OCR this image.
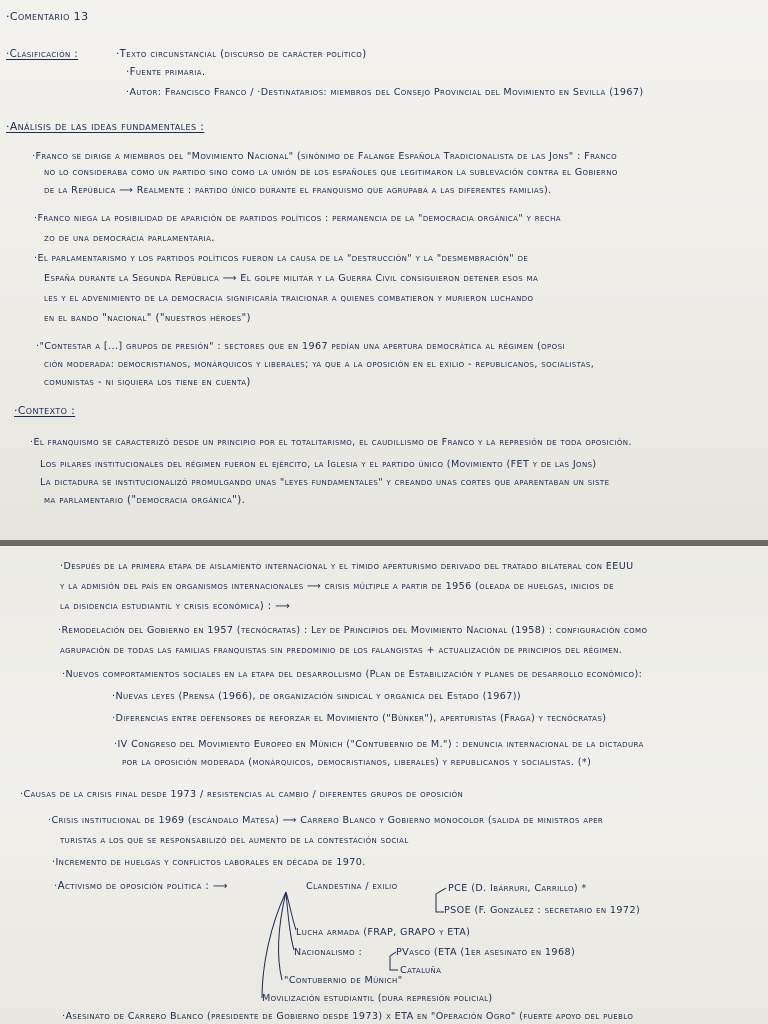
·Comentario 13
·Clasificación :	·Texto circunstancial (discurso de carácter político)
·Fuente primaria.
·Autor: Francisco Franco / ·Destinatarios: miembros del Consejo Provincial del Movimiento en Sevilla (1967)
·Análisis de las ideas fundamentales :
·Franco se dirige a miembros del "Movimiento Nacional" (sinónimo de Falange Española Tradicionalista de las Jons" : Franco
no lo consideraba como un partido sino como la unión de los españoles que legitimaron la sublevación contra el Gobierno
de la República ⟶ Realmente : partido único durante el franquismo que agrupaba a las diferentes familias).
·Franco niega la posibilidad de aparición de partidos políticos : permanencia de la "democracia orgánica" y recha
zo de una democracia parlamentaria.
·El parlamentarismo y los partidos políticos fueron la causa de la "destrucción" y la "desmembración" de
España durante la Segunda República ⟶ El golpe militar y la Guerra Civil consiguieron detener esos ma
les y el advenimiento de la democracia significaría traicionar a quienes combatieron y murieron luchando
en el bando "nacional" ("nuestros héroes")
·"Contestar a [...] grupos de presión" : sectores que en 1967 pedían una apertura democrática al régimen (oposi
ción moderada: democristianos, monárquicos y liberales; ya que a la oposición en el exilio - republicanos, socialistas,
comunistas - ni siquiera los tiene en cuenta)
·Contexto :
·El franquismo se caracterizó desde un principio por el totalitarismo, el caudillismo de Franco y la represión de toda oposición.
Los pilares institucionales del régimen fueron el ejército, la Iglesia y el partido único (Movimiento (FET y de las Jons)
La dictadura se institucionalizó promulgando unas "leyes fundamentales" y creando unas cortes que aparentaban un siste
ma parlamentario ("democracia orgánica").
·Después de la primera etapa de aislamiento internacional y el tímido aperturismo derivado del tratado bilateral con EEUU
y la admisión del país en organismos internacionales ⟶ crisis múltiple a partir de 1956 (oleada de huelgas, inicios de
la disidencia estudiantil y crisis económica) : ⟶
·Remodelación del Gobierno en 1957 (tecnócratas) : Ley de Principios del Movimiento Nacional (1958) : configuración como
agrupación de todas las familias franquistas sin predominio de los falangistas + actualización de principios del régimen.
·Nuevos comportamientos sociales en la etapa del desarrollismo (Plan de Estabilización y planes de desarrollo económico):
·Nuevas leyes (Prensa (1966), de organización sindical y orgánica del Estado (1967))
·Diferencias entre defensores de reforzar el Movimiento ("Búnker"), aperturistas (Fraga) y tecnócratas)
·IV Congreso del Movimiento Europeo en Múnich ("Contubernio de M.") : denuncia internacional de la dictadura
por la oposición moderada (monárquicos, democristianos, liberales) y republicanos y socialistas. (*)
·Causas de la crisis final desde 1973 / resistencias al cambio / diferentes grupos de oposición
·Crisis institucional de 1969 (escándalo Matesa) ⟶ Carrero Blanco y Gobierno monocolor (salida de ministros aper
turistas a los que se responsabilizó del aumento de la contestación social
·Incremento de huelgas y conflictos laborales en década de 1970.
·Activismo de oposición política : ⟶	Clandestina / exilio	PCE (D. Ibárruri, Carrillo) *
PSOE (F. González : secretario en 1972)
Lucha armada (FRAP, GRAPO y ETA)
Nacionalismo :	PVasco (ETA (1er asesinato en 1968)
Cataluña
"Contubernio de Múnich"
Movilización estudiantil (dura represión policial)
·Asesinato de Carrero Blanco (presidente de Gobierno desde 1973) x ETA en "Operación Ogro" (fuerte apoyo del pueblo
